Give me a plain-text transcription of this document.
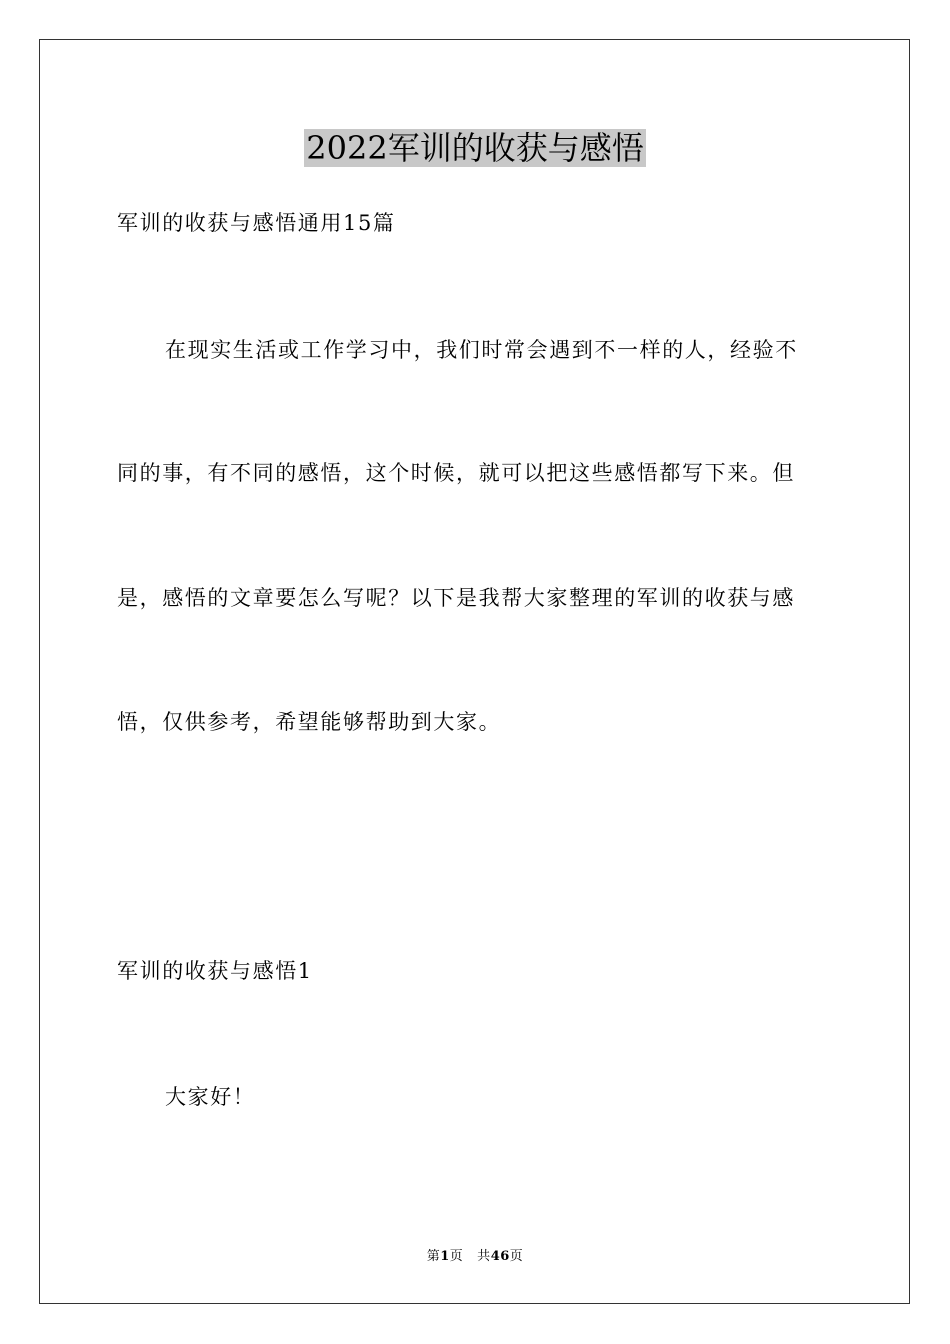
2022军训的收获与感悟
军训的收获与感悟通用15篇
在现实生活或工作学习中，我们时常会遇到不一样的人，经验不
同的事，有不同的感悟，这个时候，就可以把这些感悟都写下来。但
是，感悟的文章要怎么写呢？以下是我帮大家整理的军训的收获与感
悟，仅供参考，希望能够帮助到大家。
军训的收获与感悟1
大家好！
第1页 共46页
